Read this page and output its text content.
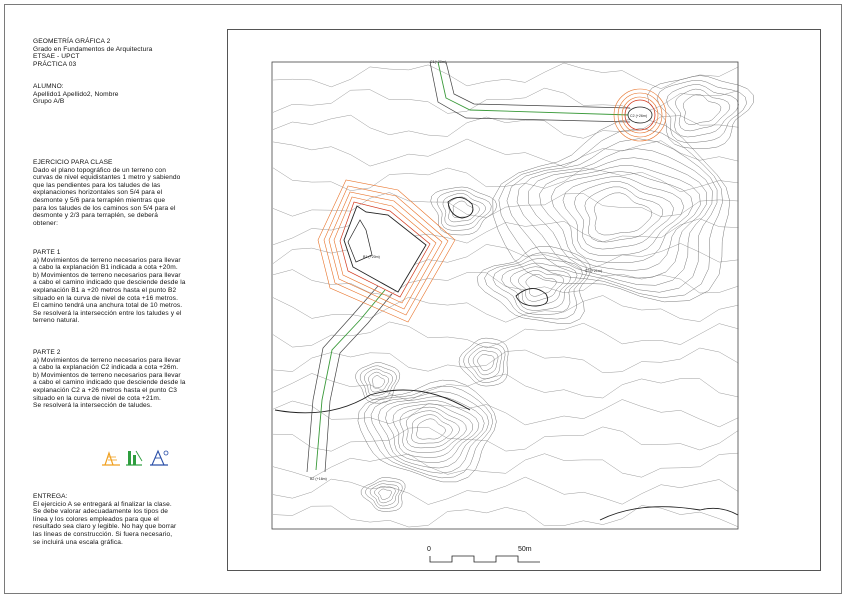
GEOMETRÍA GRÁFICA 2
Grado en Fundamentos de Arquitectura
ETSAE - UPCT
PRÁCTICA 03
ALUMNO:
Apellido1 Apellido2, Nombre
Grupo A/B
EJERCICIO PARA CLASE
Dado el plano topográfico de un terreno con
curvas de nivel equidistantes 1 metro y sabiendo
que las pendientes para los taludes de las
explanaciones horizontales son 5/4 para el
desmonte y 5/6 para terraplén mientras que
para los taludes de los caminos son 5/4 para el
desmonte y 2/3 para terraplén, se deberá
obtener:
PARTE 1
a) Movimientos de terreno necesarios para llevar
a cabo la explanación B1 indicada a cota +20m.
b) Movimientos de terreno necesarios para llevar
a cabo el camino indicado que desciende desde la
explanación B1 a +20 metros hasta el punto B2
situado en la curva de nivel de cota +16 metros.
El camino tendrá una anchura total de 10 metros.
Se resolverá la intersección entre los taludes y el
terreno natural.
PARTE 2
a) Movimientos de terreno necesarios para llevar
a cabo la explanación C2 indicada a cota +26m.
b) Movimientos de terreno necesarios para llevar
a cabo el camino indicado que desciende desde la
explanación C2 a +26 metros hasta el punto C3
situado en la curva de nivel de cota +21m.
Se resolverá la intersección de taludes.
ENTREGA:
El ejercicio A se entregará al finalizar la clase.
Se debe valorar adecuadamente los tipos de
línea y los colores empleados para que el
resultado sea claro y legible. No hay que borrar
las líneas de construcción. Si fuera necesario,
se incluirá una escala gráfica.
B1 (+20m)
C2 (+26m)
B2 (+16m)
C3 (+21m)
C1(+20m)
0	50m
